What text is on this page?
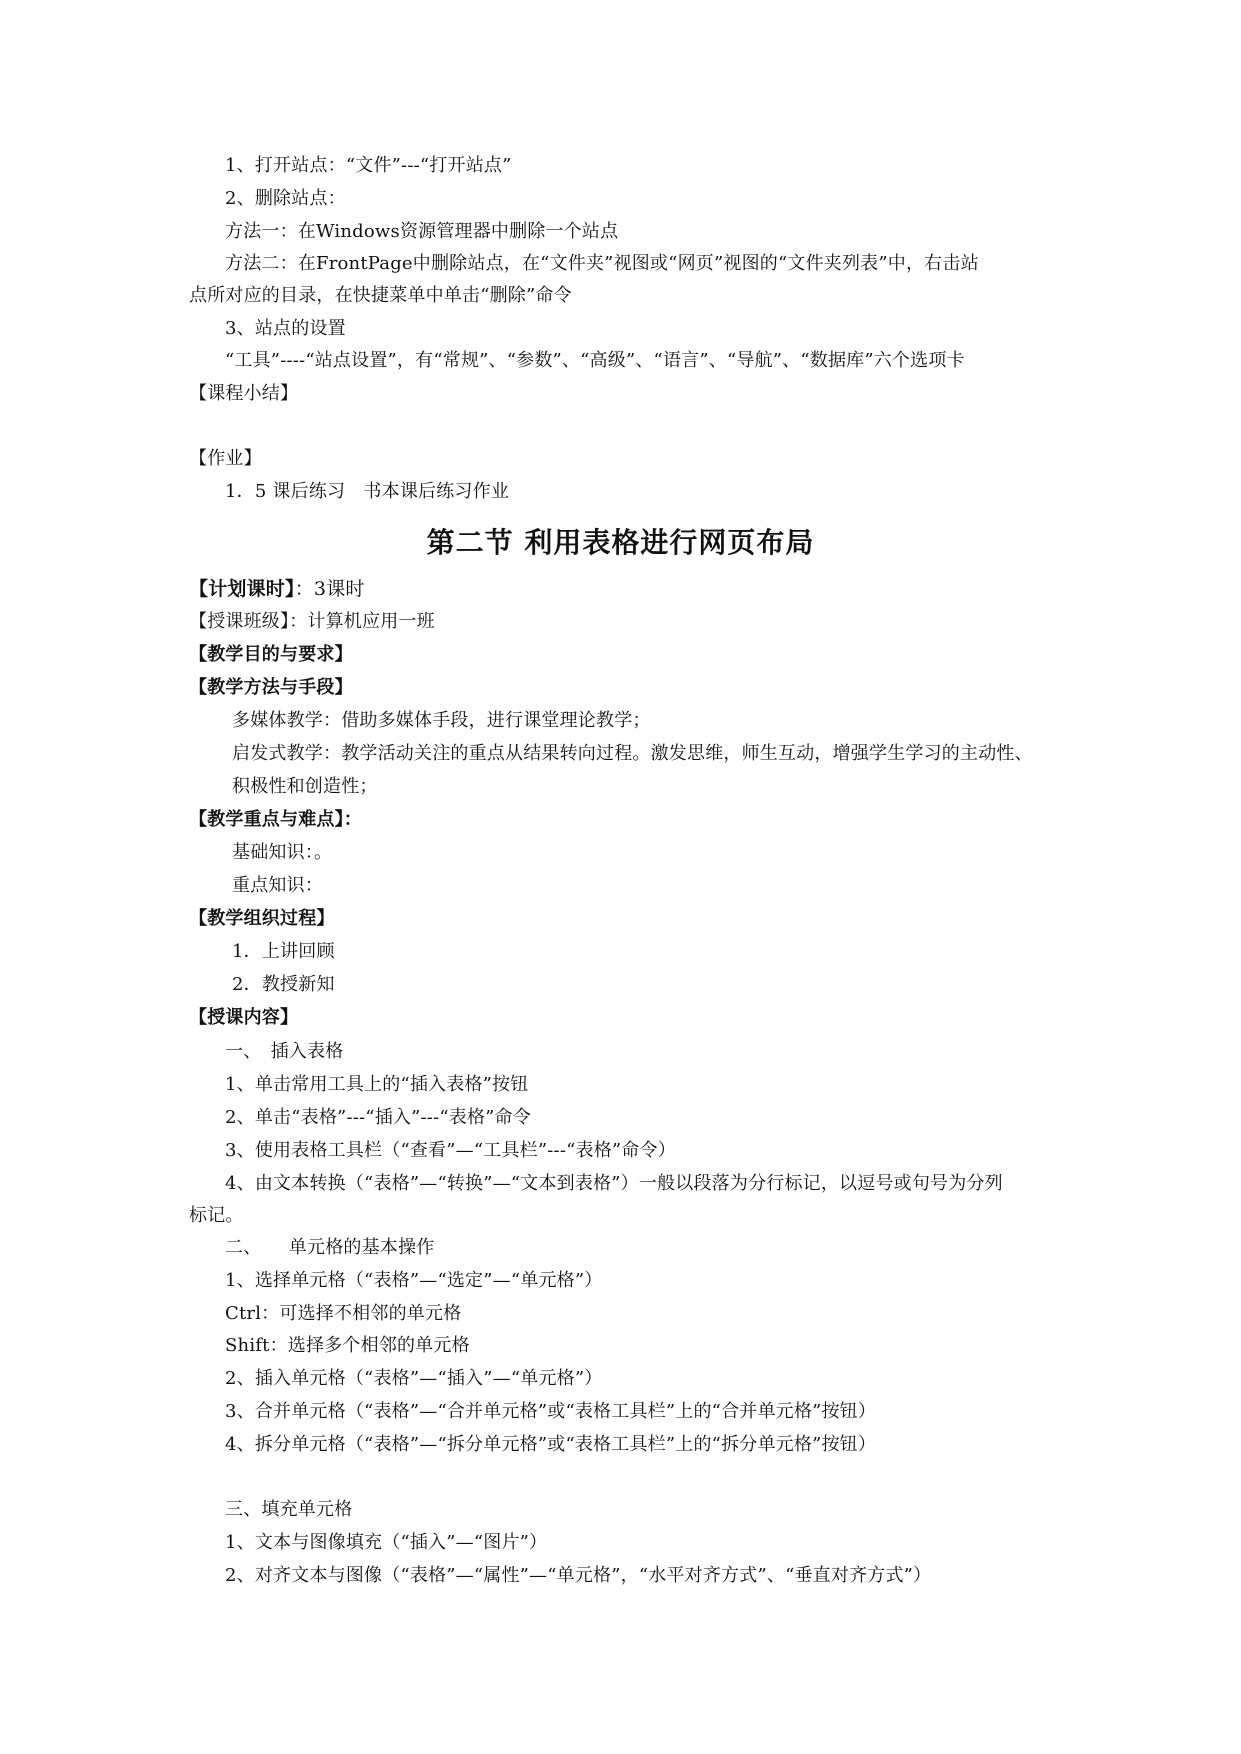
1、打开站点：“文件”---“打开站点”
2、删除站点：
方法一：在Windows资源管理器中删除一个站点
方法二：在FrontPage中删除站点，在“文件夹”视图或“网页”视图的“文件夹列表”中，右击站
点所对应的目录，在快捷菜单中单击“删除”命令
3、站点的设置
“工具”----“站点设置”，有“常规”、“参数”、“高级”、“语言”、“导航”、“数据库”六个选项卡
【课程小结】
【作业】
1．5 课后练习　书本课后练习作业
第二节 利用表格进行网页布局
【计划课时】：3课时
【授课班级】：计算机应用一班
【教学目的与要求】
【教学方法与手段】
多媒体教学：借助多媒体手段，进行课堂理论教学；
启发式教学：教学活动关注的重点从结果转向过程。激发思维，师生互动，增强学生学习的主动性、
积极性和创造性；
【教学重点与难点】：
基础知识：。
重点知识：
【教学组织过程】
1．上讲回顾
2．教授新知
【授课内容】
一、　插入表格
1、单击常用工具上的“插入表格”按钮
2、单击“表格”---“插入”---“表格”命令
3、使用表格工具栏（“查看”—“工具栏”---“表格”命令）
4、由文本转换（“表格”—“转换”—“文本到表格”）一般以段落为分行标记，以逗号或句号为分列
标记。
二、　　单元格的基本操作
1、选择单元格（“表格”—“选定”—“单元格”）
Ctrl：可选择不相邻的单元格
Shift：选择多个相邻的单元格
2、插入单元格（“表格”—“插入”—“单元格”）
3、合并单元格（“表格”—“合并单元格”或“表格工具栏”上的“合并单元格”按钮）
4、拆分单元格（“表格”—“拆分单元格”或“表格工具栏”上的“拆分单元格”按钮）
三、填充单元格
1、文本与图像填充（“插入”—“图片”）
2、对齐文本与图像（“表格”—“属性”—“单元格”，“水平对齐方式”、“垂直对齐方式”）
